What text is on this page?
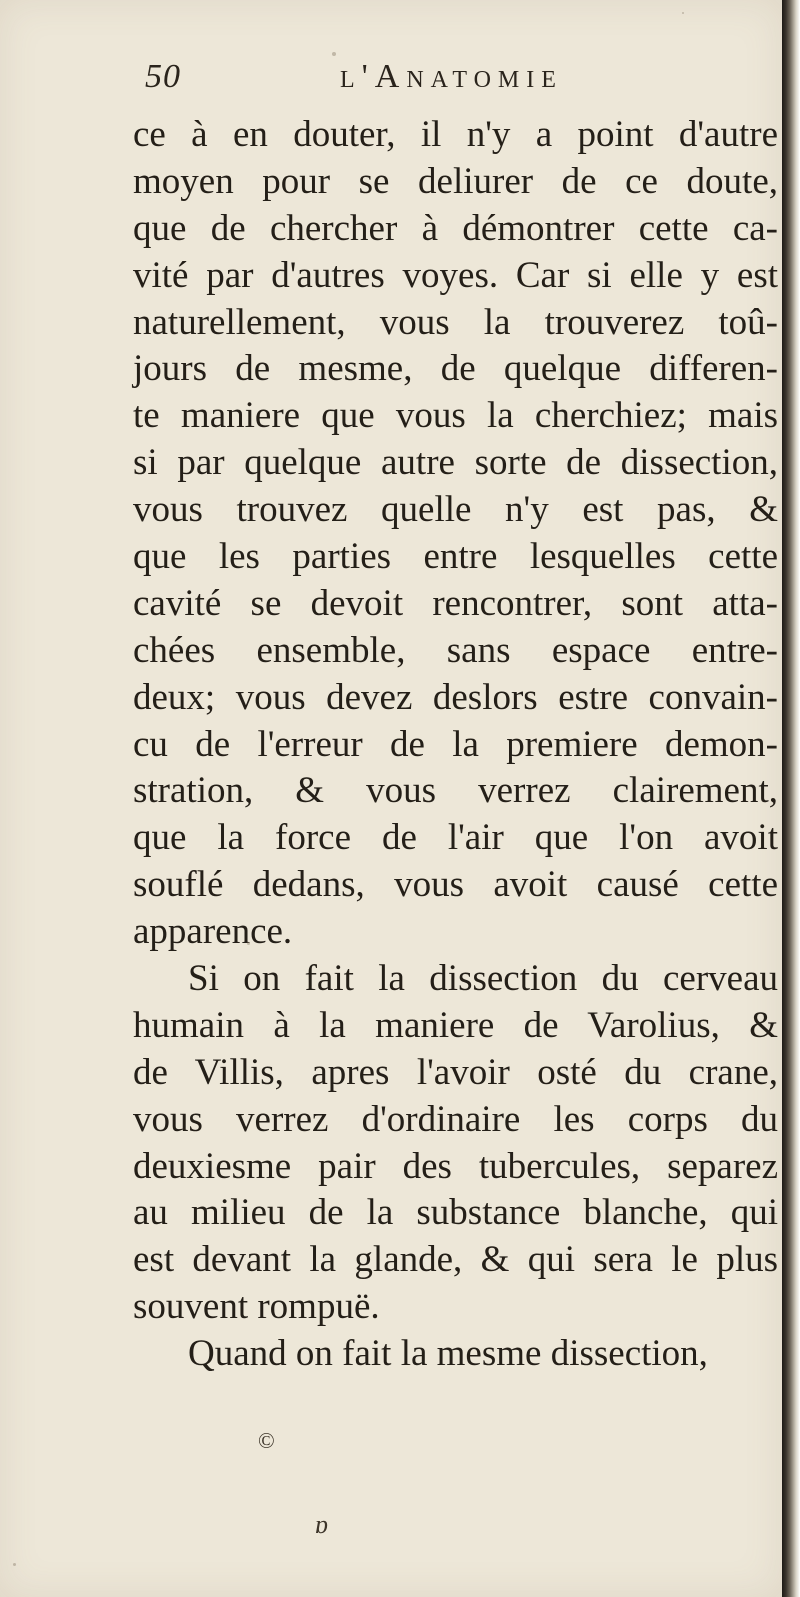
50	l'Anatomie
ce à en douter, il n'y a point d'autre
moyen pour se deliurer de ce doute,
que de chercher à démontrer cette ca-
vité par d'autres voyes. Car si elle y est
naturellement, vous la trouverez toû-
jours de mesme, de quelque differen-
te maniere que vous la cherchiez; mais
si par quelque autre sorte de dissection,
vous trouvez quelle n'y est pas, &
que les parties entre lesquelles cette
cavité se devoit rencontrer, sont atta-
chées ensemble, sans espace entre-
deux; vous devez deslors estre convain-
cu de l'erreur de la premiere demon-
stration, & vous verrez clairement,
que la force de l'air que l'on avoit
souflé dedans, vous avoit causé cette
apparence.
Si on fait la dissection du cerveau
humain à la maniere de Varolius, &
de Villis, apres l'avoir osté du crane,
vous verrez d'ordinaire les corps du
deuxiesme pair des tubercules, separez
au milieu de la substance blanche, qui
est devant la glande, & qui sera le plus
souvent rompuë.
Quand on fait la mesme dissection,
©
ɒ
